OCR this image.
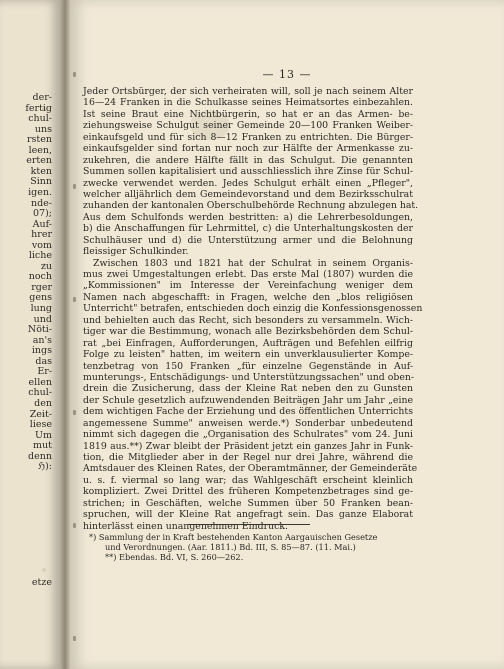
der-
fertig
chul-
uns
rsten
leen,
erten
kten
Sinn
igen.
nde-
07);
Auf-
hrer
vom
liche
zu
noch
rger
gens
lung
und
Nöti-
an's
ings
das
Er-
ellen
chul-
den
Zeit-
liese
Um
mut
denn
ℌ):
etze
— 13 —
Jeder Ortsbürger, der sich verheiraten will, soll je nach seinem Alter
16—24 Franken in die Schulkasse seines Heimatsortes einbezahlen.
Ist seine Braut eine Nichtbürgerin, so hat er an das Armen- be-
ziehungsweise Schulgut seiner Gemeinde 20—100 Franken Weiber-
einkaufsgeld und für sich 8—12 Franken zu entrichten. Die Bürger-
einkaufsgelder sind fortan nur noch zur Hälfte der Armenkasse zu-
zukehren, die andere Hälfte fällt in das Schulgut. Die genannten
Summen sollen kapitalisiert und ausschliesslich ihre Zinse für Schul-
zwecke verwendet werden. Jedes Schulgut erhält einen „Pfleger",
welcher alljährlich dem Gemeindevorstand und dem Bezirksschulrat
zuhanden der kantonalen Oberschulbehörde Rechnung abzulegen hat.
Aus dem Schulfonds werden bestritten: a) die Lehrerbesoldungen,
b) die Anschaffungen für Lehrmittel, c) die Unterhaltungskosten der
Schulhäuser und d) die Unterstützung armer und die Belohnung
fleissiger Schulkinder.
Zwischen 1803 und 1821 hat der Schulrat in seinem Organis-
mus zwei Umgestaltungen erlebt. Das erste Mal (1807) wurden die
„Kommissionen" im Interesse der Vereinfachung weniger dem
Namen nach abgeschafft: in Fragen, welche den „blos religiösen
Unterricht" betrafen, entschieden doch einzig die Konfessionsgenossen
und behielten auch das Recht, sich besonders zu versammeln. Wich-
tiger war die Bestimmung, wonach alle Bezirksbehörden dem Schul-
rat „bei Einfragen, Aufforderungen, Aufträgen und Befehlen eilfrig
Folge zu leisten" hatten, im weitern ein unverklausulierter Kompe-
tenzbetrag von 150 Franken „für einzelne Gegenstände in Auf-
munterungs-, Entschädigungs- und Unterstützungssachen" und oben-
drein die Zusicherung, dass der Kleine Rat neben den zu Gunsten
der Schule gesetzlich aufzuwendenden Beiträgen Jahr um Jahr „eine
dem wichtigen Fache der Erziehung und des öffentlichen Unterrichts
angemessene Summe" anweisen werde.*) Sonderbar unbedeutend
nimmt sich dagegen die „Organisation des Schulrates" vom 24. Juni
1819 aus.**) Zwar bleibt der Präsident jetzt ein ganzes Jahr in Funk-
tion, die Mitglieder aber in der Regel nur drei Jahre, während die
Amtsdauer des Kleinen Rates, der Oberamtmänner, der Gemeinderäte
u. s. f. viermal so lang war; das Wahlgeschäft erscheint kleinlich
kompliziert. Zwei Drittel des früheren Kompetenzbetrages sind ge-
strichen; in Geschäften, welche Summen über 50 Franken bean-
spruchen, will der Kleine Rat angefragt sein. Das ganze Elaborat
hinterlässt einen unangenehmen Eindruck.
*) Sammlung der in Kraft bestehenden Kanton Aargauischen Gesetze
und Verordnungen. (Aar. 1811.) Bd. III, S. 85—87. (11. Mai.)
**) Ebendas. Bd. VI, S. 260—262.
